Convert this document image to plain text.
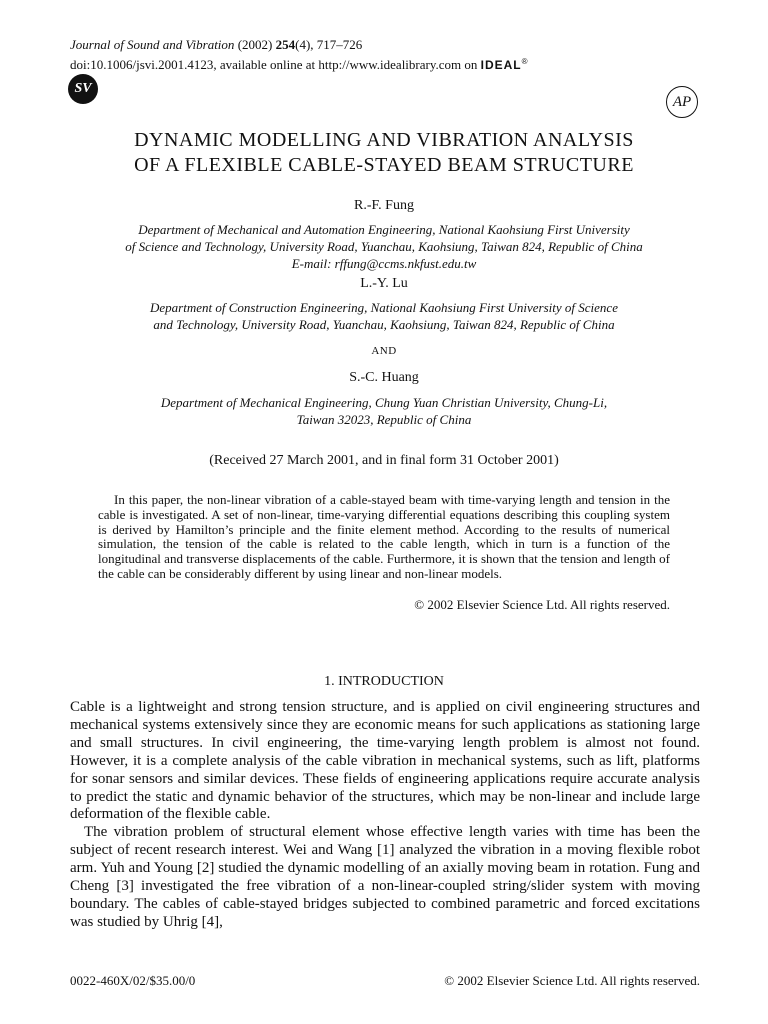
Journal of Sound and Vibration (2002) 254(4), 717–726
doi:10.1006/jsvi.2001.4123, available online at http://www.idealibrary.com on IDEAL®
SV
AP
DYNAMIC MODELLING AND VIBRATION ANALYSIS
OF A FLEXIBLE CABLE-STAYED BEAM STRUCTURE
R.-F. Fung
Department of Mechanical and Automation Engineering, National Kaohsiung First University
of Science and Technology, University Road, Yuanchau, Kaohsiung, Taiwan 824, Republic of China
E-mail: rffung@ccms.nkfust.edu.tw
L.-Y. Lu
Department of Construction Engineering, National Kaohsiung First University of Science
and Technology, University Road, Yuanchau, Kaohsiung, Taiwan 824, Republic of China
AND
S.-C. Huang
Department of Mechanical Engineering, Chung Yuan Christian University, Chung-Li,
Taiwan 32023, Republic of China
(Received 27 March 2001, and in final form 31 October 2001)

In this paper, the non-linear vibration of a cable-stayed beam with time-varying length and tension in the cable is investigated. A set of non-linear, time-varying differential equations describing this coupling system is derived by Hamilton’s principle and the finite element method. According to the results of numerical simulation, the tension of the cable is related to the cable length, which in turn is a function of the longitudinal and transverse displacements of the cable. Furthermore, it is shown that the tension and length of the cable can be considerably different by using linear and non-linear models.

© 2002 Elsevier Science Ltd. All rights reserved.
1. INTRODUCTION

Cable is a lightweight and strong tension structure, and is applied on civil engineering structures and mechanical systems extensively since they are economic means for such applications as stationing large and small structures. In civil engineering, the time-varying length problem is almost not found. However, it is a complete analysis of the cable vibration in mechanical systems, such as lift, platforms for sonar sensors and similar devices. These fields of engineering applications require accurate analysis to predict the static and dynamic behavior of the structures, which may be non-linear and include large deformation of the flexible cable.

The vibration problem of structural element whose effective length varies with time has been the subject of recent research interest. Wei and Wang [1] analyzed the vibration in a moving flexible robot arm. Yuh and Young [2] studied the dynamic modelling of an axially moving beam in rotation. Fung and Cheng [3] investigated the free vibration of a non-linear-coupled string/slider system with moving boundary. The cables of cable-stayed bridges subjected to combined parametric and forced excitations was studied by Uhrig [4],

0022-460X/02/$35.00/0	© 2002 Elsevier Science Ltd. All rights reserved.
